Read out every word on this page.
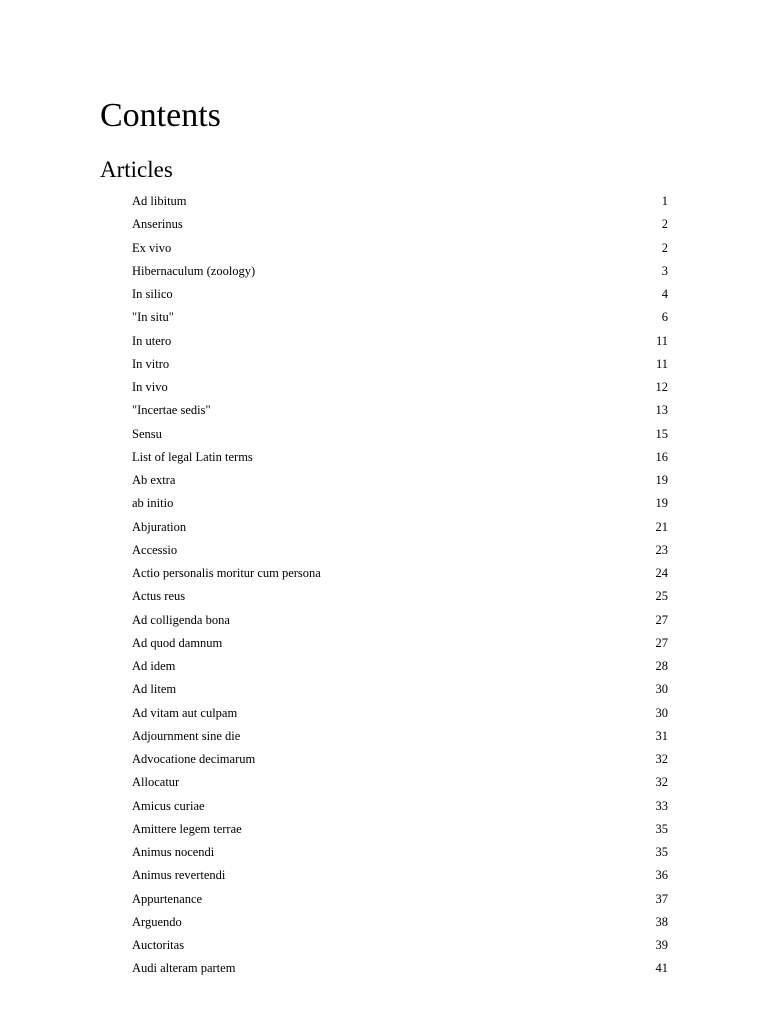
Contents
Articles
Ad libitum	1
Anserinus	2
Ex vivo	2
Hibernaculum (zoology)	3
In silico	4
"In situ"	6
In utero	11
In vitro	11
In vivo	12
"Incertae sedis"	13
Sensu	15
List of legal Latin terms	16
Ab extra	19
ab initio	19
Abjuration	21
Accessio	23
Actio personalis moritur cum persona	24
Actus reus	25
Ad colligenda bona	27
Ad quod damnum	27
Ad idem	28
Ad litem	30
Ad vitam aut culpam	30
Adjournment sine die	31
Advocatione decimarum	32
Allocatur	32
Amicus curiae	33
Amittere legem terrae	35
Animus nocendi	35
Animus revertendi	36
Appurtenance	37
Arguendo	38
Auctoritas	39
Audi alteram partem	41
